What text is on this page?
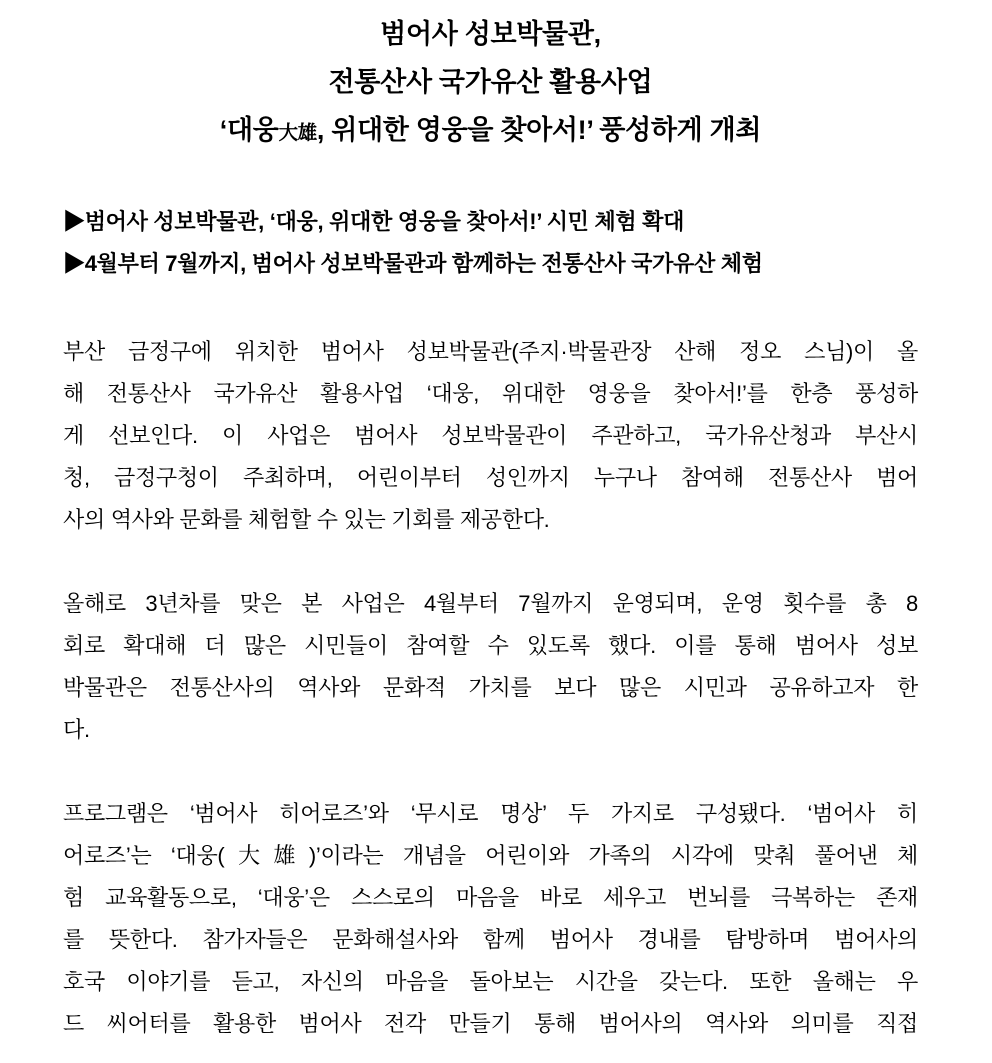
범어사 성보박물관,
전통산사 국가유산 활용사업
‘대웅大雄, 위대한 영웅을 찾아서!’ 풍성하게 개최
▶범어사 성보박물관, ‘대웅, 위대한 영웅을 찾아서!’ 시민 체험 확대
▶4월부터 7월까지, 범어사 성보박물관과 함께하는 전통산사 국가유산 체험
부산 금정구에 위치한 범어사 성보박물관(주지·박물관장 산해 정오 스님)이 올
해 전통산사 국가유산 활용사업 ‘대웅, 위대한 영웅을 찾아서!’를 한층 풍성하
게 선보인다. 이 사업은 범어사 성보박물관이 주관하고, 국가유산청과 부산시
청, 금정구청이 주최하며, 어린이부터 성인까지 누구나 참여해 전통산사 범어
사의 역사와 문화를 체험할 수 있는 기회를 제공한다.
올해로 3년차를 맞은 본 사업은 4월부터 7월까지 운영되며, 운영 횟수를 총 8
회로 확대해 더 많은 시민들이 참여할 수 있도록 했다. 이를 통해 범어사 성보
박물관은 전통산사의 역사와 문화적 가치를 보다 많은 시민과 공유하고자 한
다.
프로그램은 ‘범어사 히어로즈’와 ‘무시로 명상’ 두 가지로 구성됐다. ‘범어사 히
어로즈’는 ‘대웅(大雄)’이라는 개념을 어린이와 가족의 시각에 맞춰 풀어낸 체
험 교육활동으로, ‘대웅’은 스스로의 마음을 바로 세우고 번뇌를 극복하는 존재
를 뜻한다. 참가자들은 문화해설사와 함께 범어사 경내를 탐방하며 범어사의
호국 이야기를 듣고, 자신의 마음을 돌아보는 시간을 갖는다. 또한 올해는 우
드 씨어터를 활용한 범어사 전각 만들기 통해 범어사의 역사와 의미를 직접
